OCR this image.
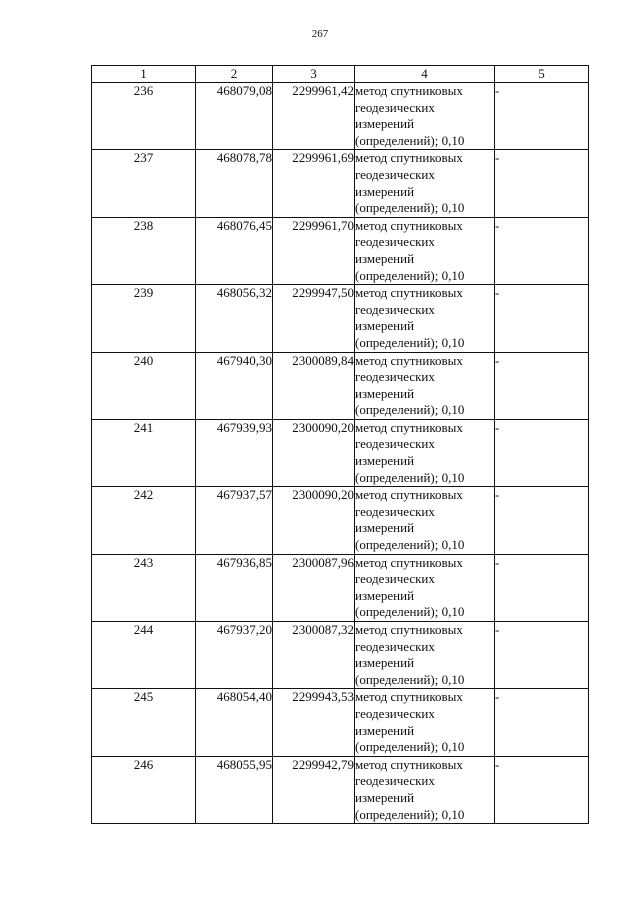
267
1	2	3	4	5
236	468079,08	2299961,42	метод спутниковых
геодезических
измерений
(определений); 0,10	-
237	468078,78	2299961,69	метод спутниковых
геодезических
измерений
(определений); 0,10	-
238	468076,45	2299961,70	метод спутниковых
геодезических
измерений
(определений); 0,10	-
239	468056,32	2299947,50	метод спутниковых
геодезических
измерений
(определений); 0,10	-
240	467940,30	2300089,84	метод спутниковых
геодезических
измерений
(определений); 0,10	-
241	467939,93	2300090,20	метод спутниковых
геодезических
измерений
(определений); 0,10	-
242	467937,57	2300090,20	метод спутниковых
геодезических
измерений
(определений); 0,10	-
243	467936,85	2300087,96	метод спутниковых
геодезических
измерений
(определений); 0,10	-
244	467937,20	2300087,32	метод спутниковых
геодезических
измерений
(определений); 0,10	-
245	468054,40	2299943,53	метод спутниковых
геодезических
измерений
(определений); 0,10	-
246	468055,95	2299942,79	метод спутниковых
геодезических
измерений
(определений); 0,10	-
